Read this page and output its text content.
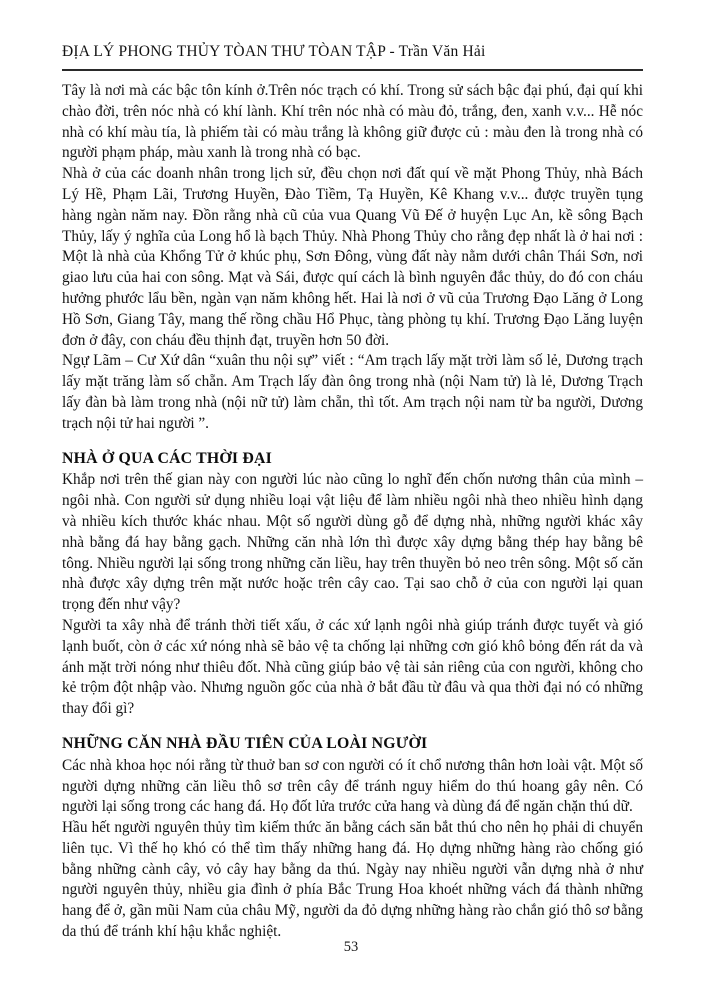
ĐỊA LÝ PHONG THỦY TÒAN THƯ TÒAN TẬP - Trần Văn Hải

Tây là nơi mà các bậc tôn kính ở.Trên nóc trạch có khí. Trong sử sách bậc đại phú, đại quí khi chào đời, trên nóc nhà có khí lành. Khí trên nóc nhà có màu đỏ, trắng, đen, xanh v.v... Hễ nóc nhà có khí màu tía, là phiếm tài có màu trắng là không giữ được củ : màu đen là trong nhà có người phạm pháp, màu xanh là trong nhà có bạc.

Nhà ở của các doanh nhân trong lịch sử, đều chọn nơi đất quí về mặt Phong Thủy, nhà Bách Lý Hề, Phạm Lãi, Trương Huyền, Đào Tiềm, Tạ Huyền, Kê Khang v.v... được truyền tụng hàng ngàn năm nay. Đồn rằng nhà cũ của vua Quang Vũ Đế ở huyện Lục An, kề sông Bạch Thủy, lấy ý nghĩa của Long hổ là bạch Thủy. Nhà Phong Thủy cho rằng đẹp nhất là ở hai nơi : Một là nhà của Khổng Tử ở khúc phụ, Sơn Đông, vùng đất này nằm dưới chân Thái Sơn, nơi giao lưu của hai con sông. Mạt và Sái, được quí cách là bình nguyên đắc thủy, do đó con cháu hưởng phước lẩu bền, ngàn vạn năm không hết. Hai là nơi ở vũ của Trương Đạo Lăng ở Long Hồ Sơn, Giang Tây, mang thế rồng chầu Hổ Phục, tàng phòng tụ khí. Trương Đạo Lăng luyện đơn ở đây, con cháu đều thịnh đạt, truyền hơn 50 đời.

Ngự Lãm – Cư Xứ dân “xuân thu nội sự” viết : “Am trạch lấy mặt trời làm số lẻ, Dương trạch lấy mặt trăng làm số chẵn. Am Trạch lấy đàn ông trong nhà (nội Nam tử) là lẻ, Dương Trạch lấy đàn bà làm trong nhà (nội nữ tử) làm chẵn, thì tốt. Am trạch nội nam từ ba người, Dương trạch nội tử hai người ”.

NHÀ Ở QUA CÁC THỜI ĐẠI

Khắp nơi trên thế gian này con người lúc nào cũng lo nghĩ đến chốn nương thân của mình – ngôi nhà. Con người sử dụng nhiều loại vật liệu để làm nhiều ngôi nhà theo nhiều hình dạng và nhiều kích thước khác nhau. Một số người dùng gỗ để dựng nhà, những người khác xây nhà bằng đá hay bằng gạch. Những căn nhà lớn thì được xây dựng bằng thép hay bằng bê tông. Nhiều người lại sống trong những căn liều, hay trên thuyền bỏ neo trên sông. Một số căn nhà được xây dựng trên mặt nước hoặc trên cây cao. Tại sao chỗ ở của con người lại quan trọng đến như vậy?

Người ta xây nhà để tránh thời tiết xấu, ở các xứ lạnh ngôi nhà giúp tránh được tuyết và gió lạnh buốt, còn ở các xứ nóng nhà sẽ bảo vệ ta chống lại những cơn gió khô bỏng đến rát da và ánh mặt trời nóng như thiêu đốt. Nhà cũng giúp bảo vệ tài sản riêng của con người, không cho kẻ trộm đột nhập vào. Nhưng nguồn gốc của nhà ở bắt đầu từ đâu và qua thời đại nó có những thay đổi gì?

NHỮNG CĂN NHÀ ĐẦU TIÊN CỦA LOÀI NGƯỜI

Các nhà khoa học nói rằng từ thuở ban sơ con người có ít chổ nương thân hơn loài vật. Một số người dựng những căn liều thô sơ trên cây để tránh nguy hiểm do thú hoang gây nên. Có người lại sống trong các hang đá. Họ đốt lửa trước cửa hang và dùng đá để ngăn chặn thú dữ.

Hầu hết người nguyên thủy tìm kiếm thức ăn bằng cách săn bắt thú cho nên họ phải di chuyển liên tục. Vì thế họ khó có thể tìm thấy những hang đá. Họ dựng những hàng rào chống gió bằng những cành cây, vỏ cây hay bằng da thú. Ngày nay nhiều người vẫn dựng nhà ở như người nguyên thủy, nhiều gia đình ở phía Bắc Trung Hoa khoét những vách đá thành những hang để ở, gần mũi Nam của châu Mỹ, người da đỏ dựng những hàng rào chắn gió thô sơ bằng da thú để tránh khí hậu khắc nghiệt.

53
